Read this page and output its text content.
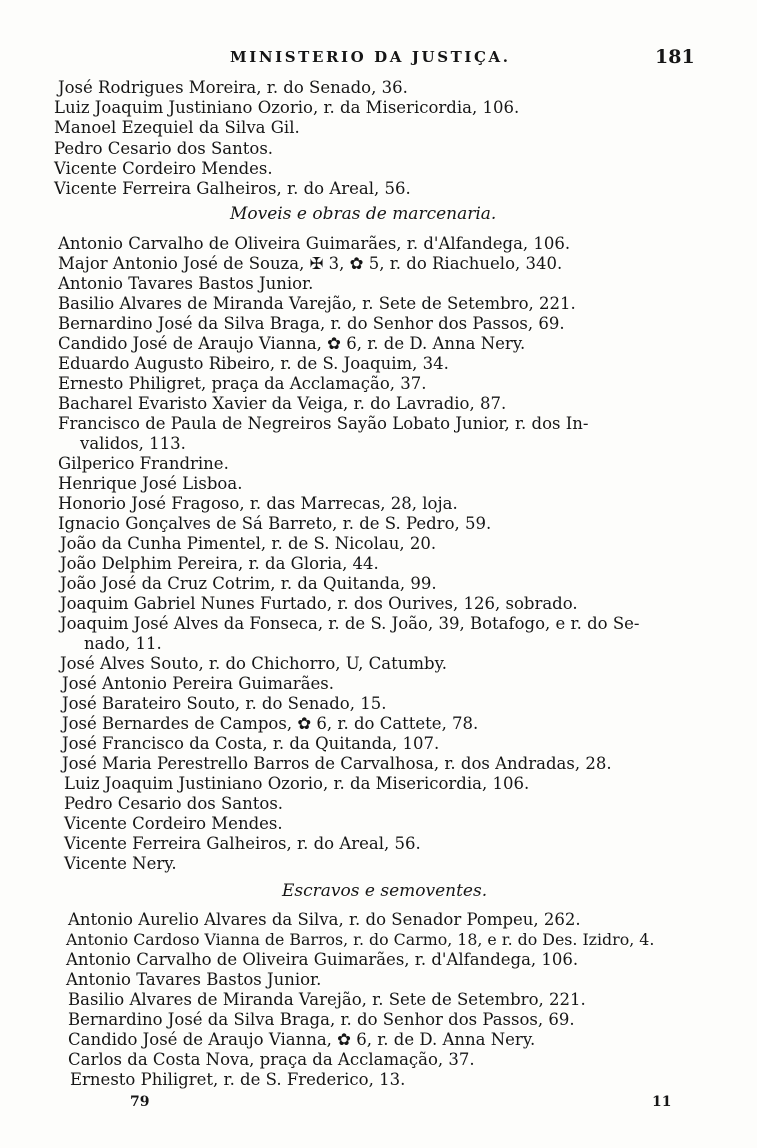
MINISTERIO DA JUSTIÇA.	181
José Rodrigues Moreira, r. do Senado, 36.
Luiz Joaquim Justiniano Ozorio, r. da Misericordia, 106.
Manoel Ezequiel da Silva Gil.
Pedro Cesario dos Santos.
Vicente Cordeiro Mendes.
Vicente Ferreira Galheiros, r. do Areal, 56.
Moveis e obras de marcenaria.
Antonio Carvalho de Oliveira Guimarães, r. d'Alfandega, 106.
Major Antonio José de Souza, ✠ 3, ✿ 5, r. do Riachuelo, 340.
Antonio Tavares Bastos Junior.
Basilio Alvares de Miranda Varejão, r. Sete de Setembro, 221.
Bernardino José da Silva Braga, r. do Senhor dos Passos, 69.
Candido José de Araujo Vianna, ✿ 6, r. de D. Anna Nery.
Eduardo Augusto Ribeiro, r. de S. Joaquim, 34.
Ernesto Philigret, praça da Acclamação, 37.
Bacharel Evaristo Xavier da Veiga, r. do Lavradio, 87.
Francisco de Paula de Negreiros Sayão Lobato Junior, r. dos In-
validos, 113.
Gilperico Frandrine.
Henrique José Lisboa.
Honorio José Fragoso, r. das Marrecas, 28, loja.
Ignacio Gonçalves de Sá Barreto, r. de S. Pedro, 59.
João da Cunha Pimentel, r. de S. Nicolau, 20.
João Delphim Pereira, r. da Gloria, 44.
João José da Cruz Cotrim, r. da Quitanda, 99.
Joaquim Gabriel Nunes Furtado, r. dos Ourives, 126, sobrado.
Joaquim José Alves da Fonseca, r. de S. João, 39, Botafogo, e r. do Se-
nado, 11.
José Alves Souto, r. do Chichorro, U, Catumby.
José Antonio Pereira Guimarães.
José Barateiro Souto, r. do Senado, 15.
José Bernardes de Campos, ✿ 6, r. do Cattete, 78.
José Francisco da Costa, r. da Quitanda, 107.
José Maria Perestrello Barros de Carvalhosa, r. dos Andradas, 28.
Luiz Joaquim Justiniano Ozorio, r. da Misericordia, 106.
Pedro Cesario dos Santos.
Vicente Cordeiro Mendes.
Vicente Ferreira Galheiros, r. do Areal, 56.
Vicente Nery.
Escravos e semoventes.
Antonio Aurelio Alvares da Silva, r. do Senador Pompeu, 262.
Antonio Cardoso Vianna de Barros, r. do Carmo, 18, e r. do Des. Izidro, 4.
Antonio Carvalho de Oliveira Guimarães, r. d'Alfandega, 106.
Antonio Tavares Bastos Junior.
Basilio Alvares de Miranda Varejão, r. Sete de Setembro, 221.
Bernardino José da Silva Braga, r. do Senhor dos Passos, 69.
Candido José de Araujo Vianna, ✿ 6, r. de D. Anna Nery.
Carlos da Costa Nova, praça da Acclamação, 37.
Ernesto Philigret, r. de S. Frederico, 13.
79	11
